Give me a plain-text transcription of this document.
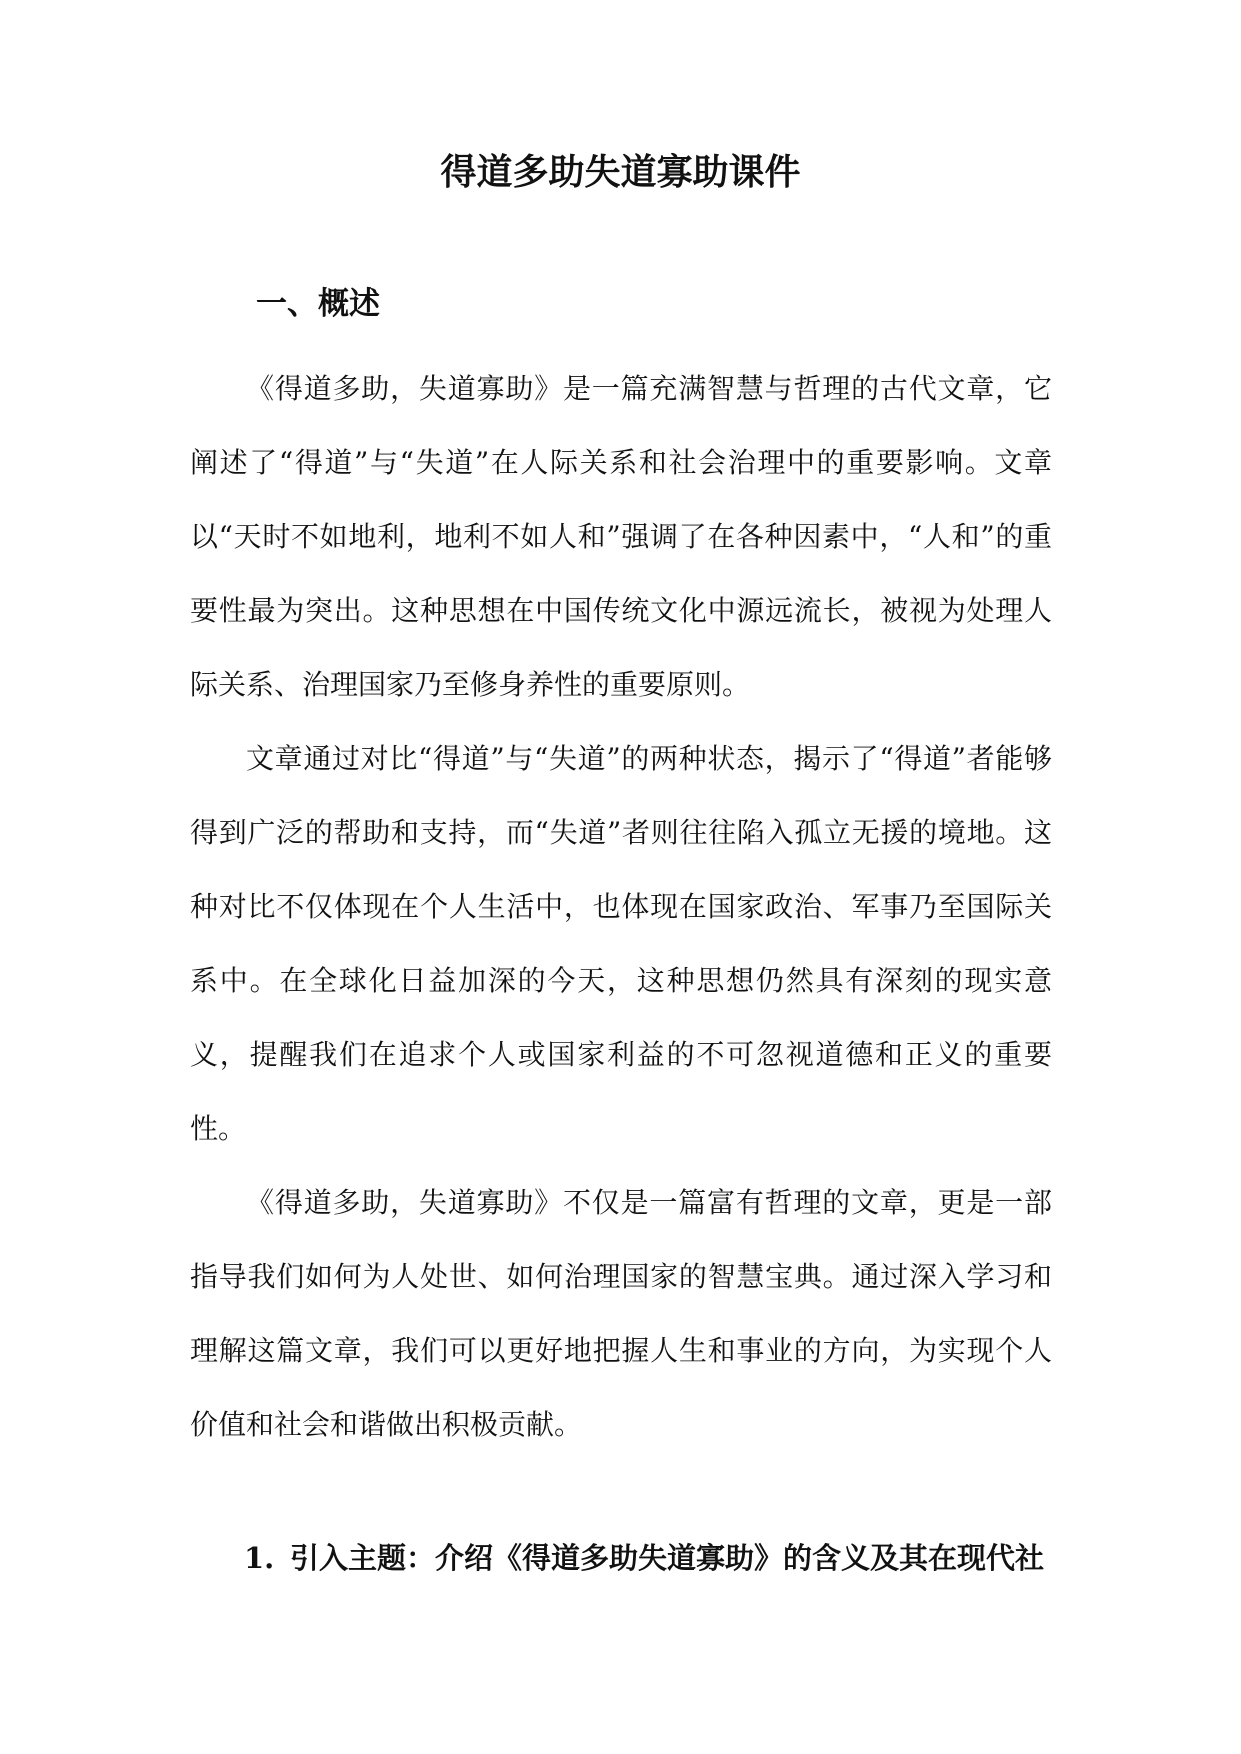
得道多助失道寡助课件
一、概述

《得道多助，失道寡助》是一篇充满智慧与哲理的古代文章，它阐述了“得道”与“失道”在人际关系和社会治理中的重要影响。文章以“天时不如地利，地利不如人和”强调了在各种因素中，“人和”的重要性最为突出。这种思想在中国传统文化中源远流长，被视为处理人际关系、治理国家乃至修身养性的重要原则。

文章通过对比“得道”与“失道”的两种状态，揭示了“得道”者能够得到广泛的帮助和支持，而“失道”者则往往陷入孤立无援的境地。这种对比不仅体现在个人生活中，也体现在国家政治、军事乃至国际关系中。在全球化日益加深的今天，这种思想仍然具有深刻的现实意义，提醒我们在追求个人或国家利益的不可忽视道德和正义的重要性。

《得道多助，失道寡助》不仅是一篇富有哲理的文章，更是一部指导我们如何为人处世、如何治理国家的智慧宝典。通过深入学习和理解这篇文章，我们可以更好地把握人生和事业的方向，为实现个人价值和社会和谐做出积极贡献。

1. 引入主题：介绍《得道多助失道寡助》的含义及其在现代社
